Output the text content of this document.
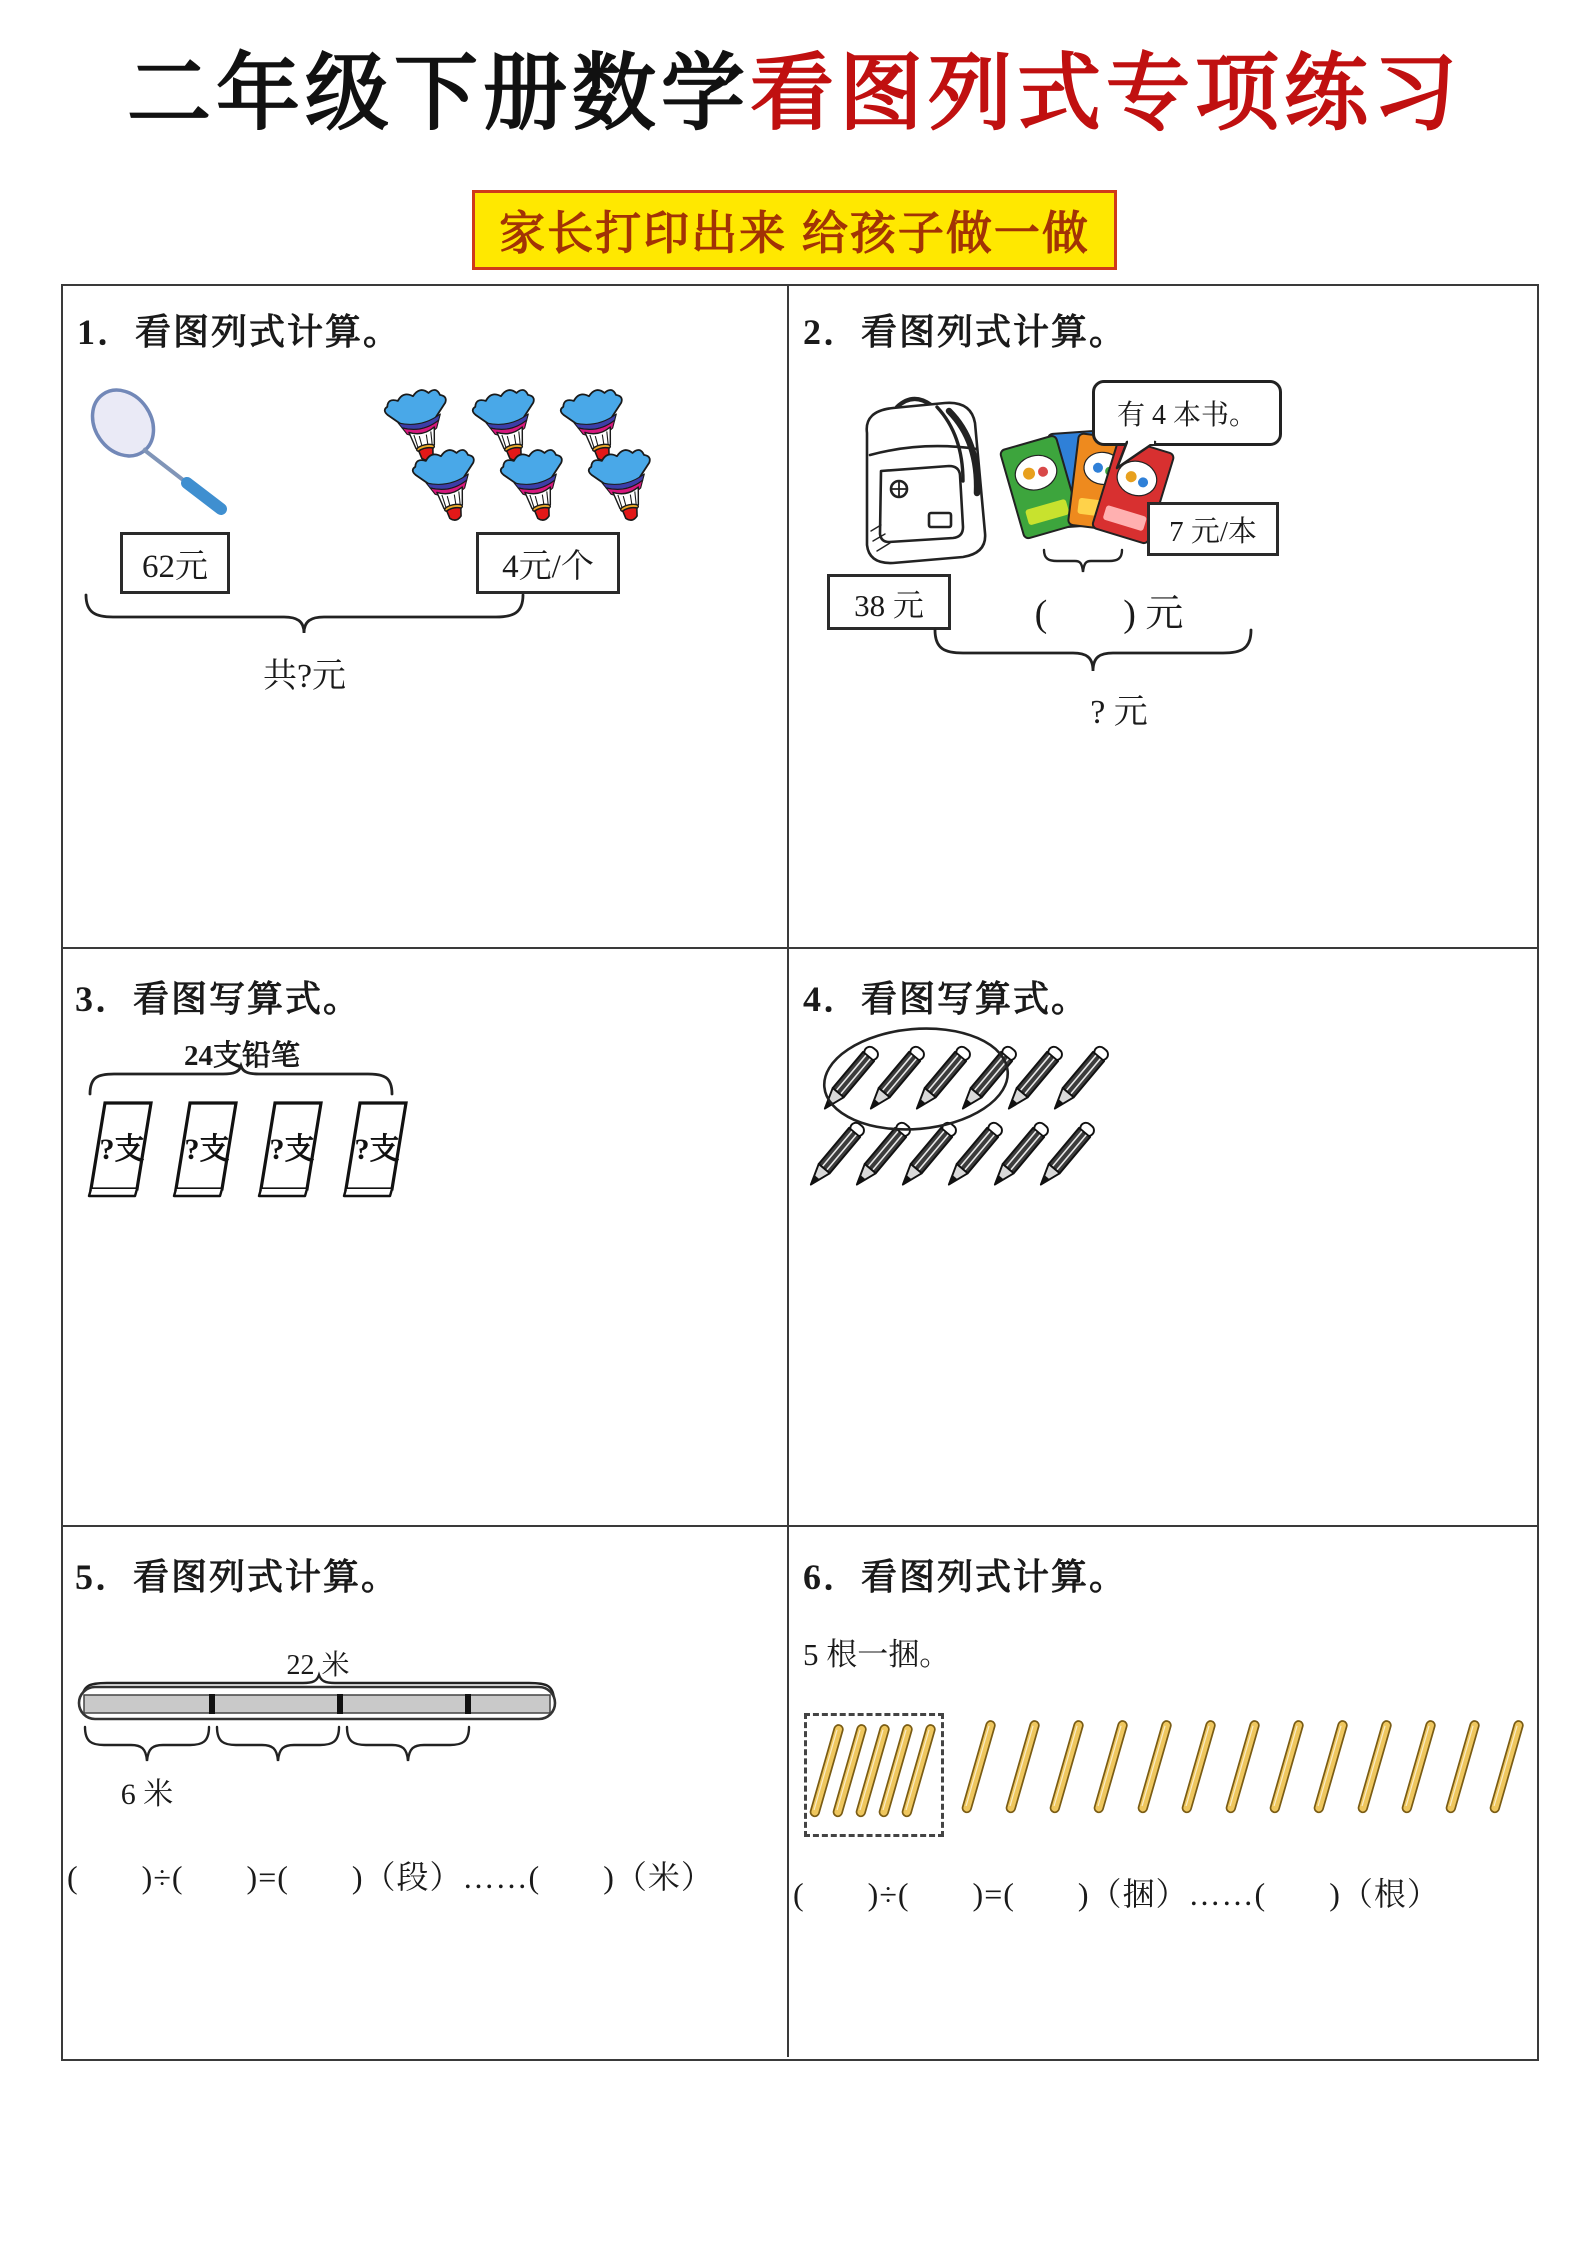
二年级下册数学看图列式专项练习
家长打印出来 给孩子做一做
1．看图列式计算。
62元	4元/个
共?元
2．看图列式计算。
有 4 本书。
7 元/本
(        ) 元
38 元
? 元
3．看图写算式。
24支铅笔
?支 ?支 ?支 ?支
4．看图写算式。
5．看图列式计算。
22 米
6 米
(       )÷(       )=(       )（段）……(       )（米）
6．看图列式计算。
5 根一捆。
(       )÷(       )=(       )（捆）……(       )（根）
